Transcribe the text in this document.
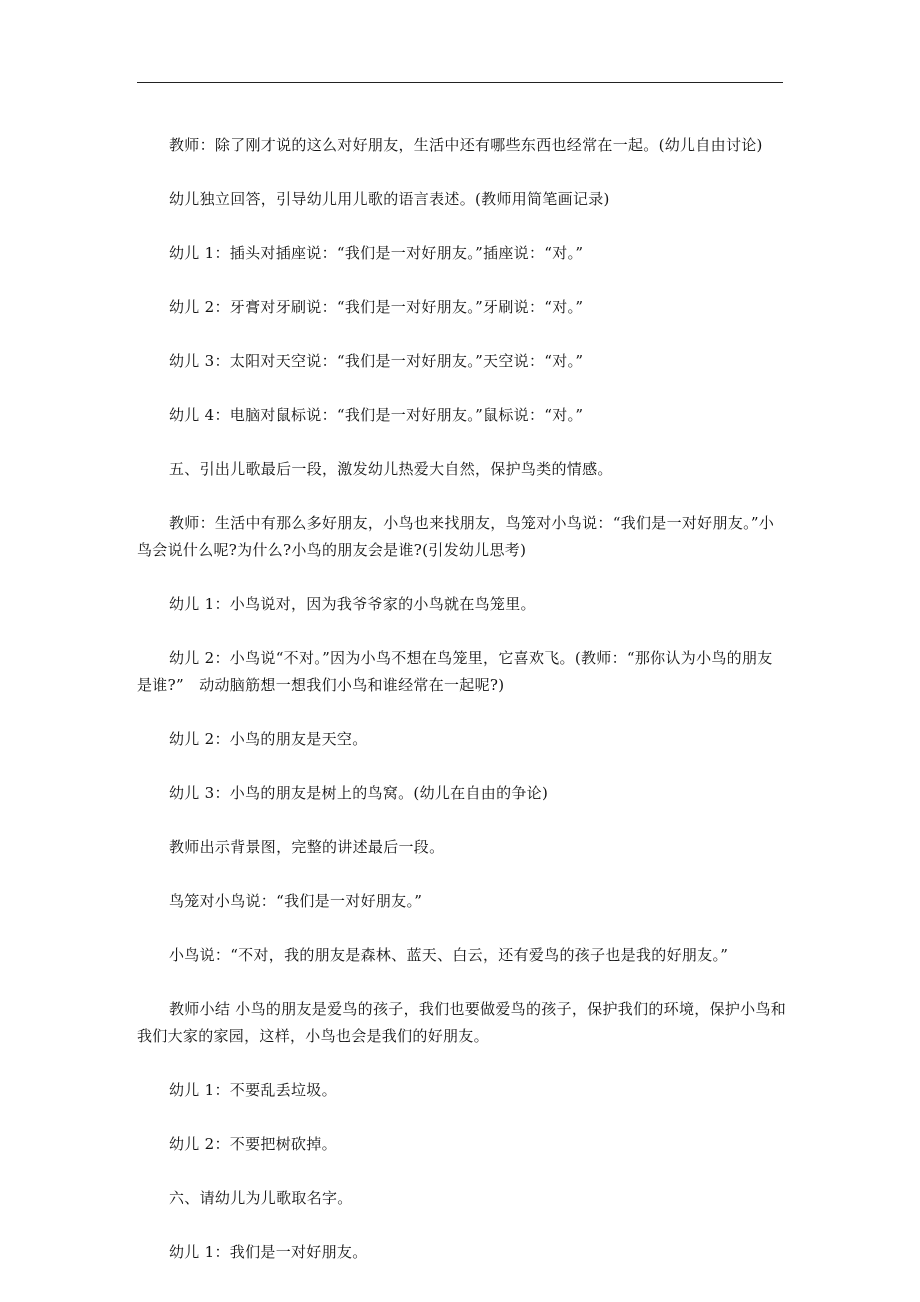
教师：除了刚才说的这么对好朋友，生活中还有哪些东西也经常在一起。(幼儿自由讨论)

幼儿独立回答，引导幼儿用儿歌的语言表述。(教师用简笔画记录)

幼儿 1：插头对插座说：“我们是一对好朋友。”插座说：“对。”

幼儿 2：牙膏对牙刷说：“我们是一对好朋友。”牙刷说：“对。”

幼儿 3：太阳对天空说：“我们是一对好朋友。”天空说：“对。”

幼儿 4：电脑对鼠标说：“我们是一对好朋友。”鼠标说：“对。”

五、引出儿歌最后一段，激发幼儿热爱大自然，保护鸟类的情感。

教师：生活中有那么多好朋友，小鸟也来找朋友，鸟笼对小鸟说：“我们是一对好朋友。”小鸟会说什么呢?为什么?小鸟的朋友会是谁?(引发幼儿思考)

幼儿 1：小鸟说对，因为我爷爷家的小鸟就在鸟笼里。

幼儿 2：小鸟说“不对。”因为小鸟不想在鸟笼里，它喜欢飞。(教师：“那你认为小鸟的朋友是谁?”　动动脑筋想一想我们小鸟和谁经常在一起呢?)

幼儿 2：小鸟的朋友是天空。

幼儿 3：小鸟的朋友是树上的鸟窝。(幼儿在自由的争论)

教师出示背景图，完整的讲述最后一段。

鸟笼对小鸟说：“我们是一对好朋友。”

小鸟说：“不对，我的朋友是森林、蓝天、白云，还有爱鸟的孩子也是我的好朋友。”

教师小结 小鸟的朋友是爱鸟的孩子，我们也要做爱鸟的孩子，保护我们的环境，保护小鸟和我们大家的家园，这样，小鸟也会是我们的好朋友。

幼儿 1：不要乱丢垃圾。

幼儿 2：不要把树砍掉。

六、请幼儿为儿歌取名字。

幼儿 1：我们是一对好朋友。
